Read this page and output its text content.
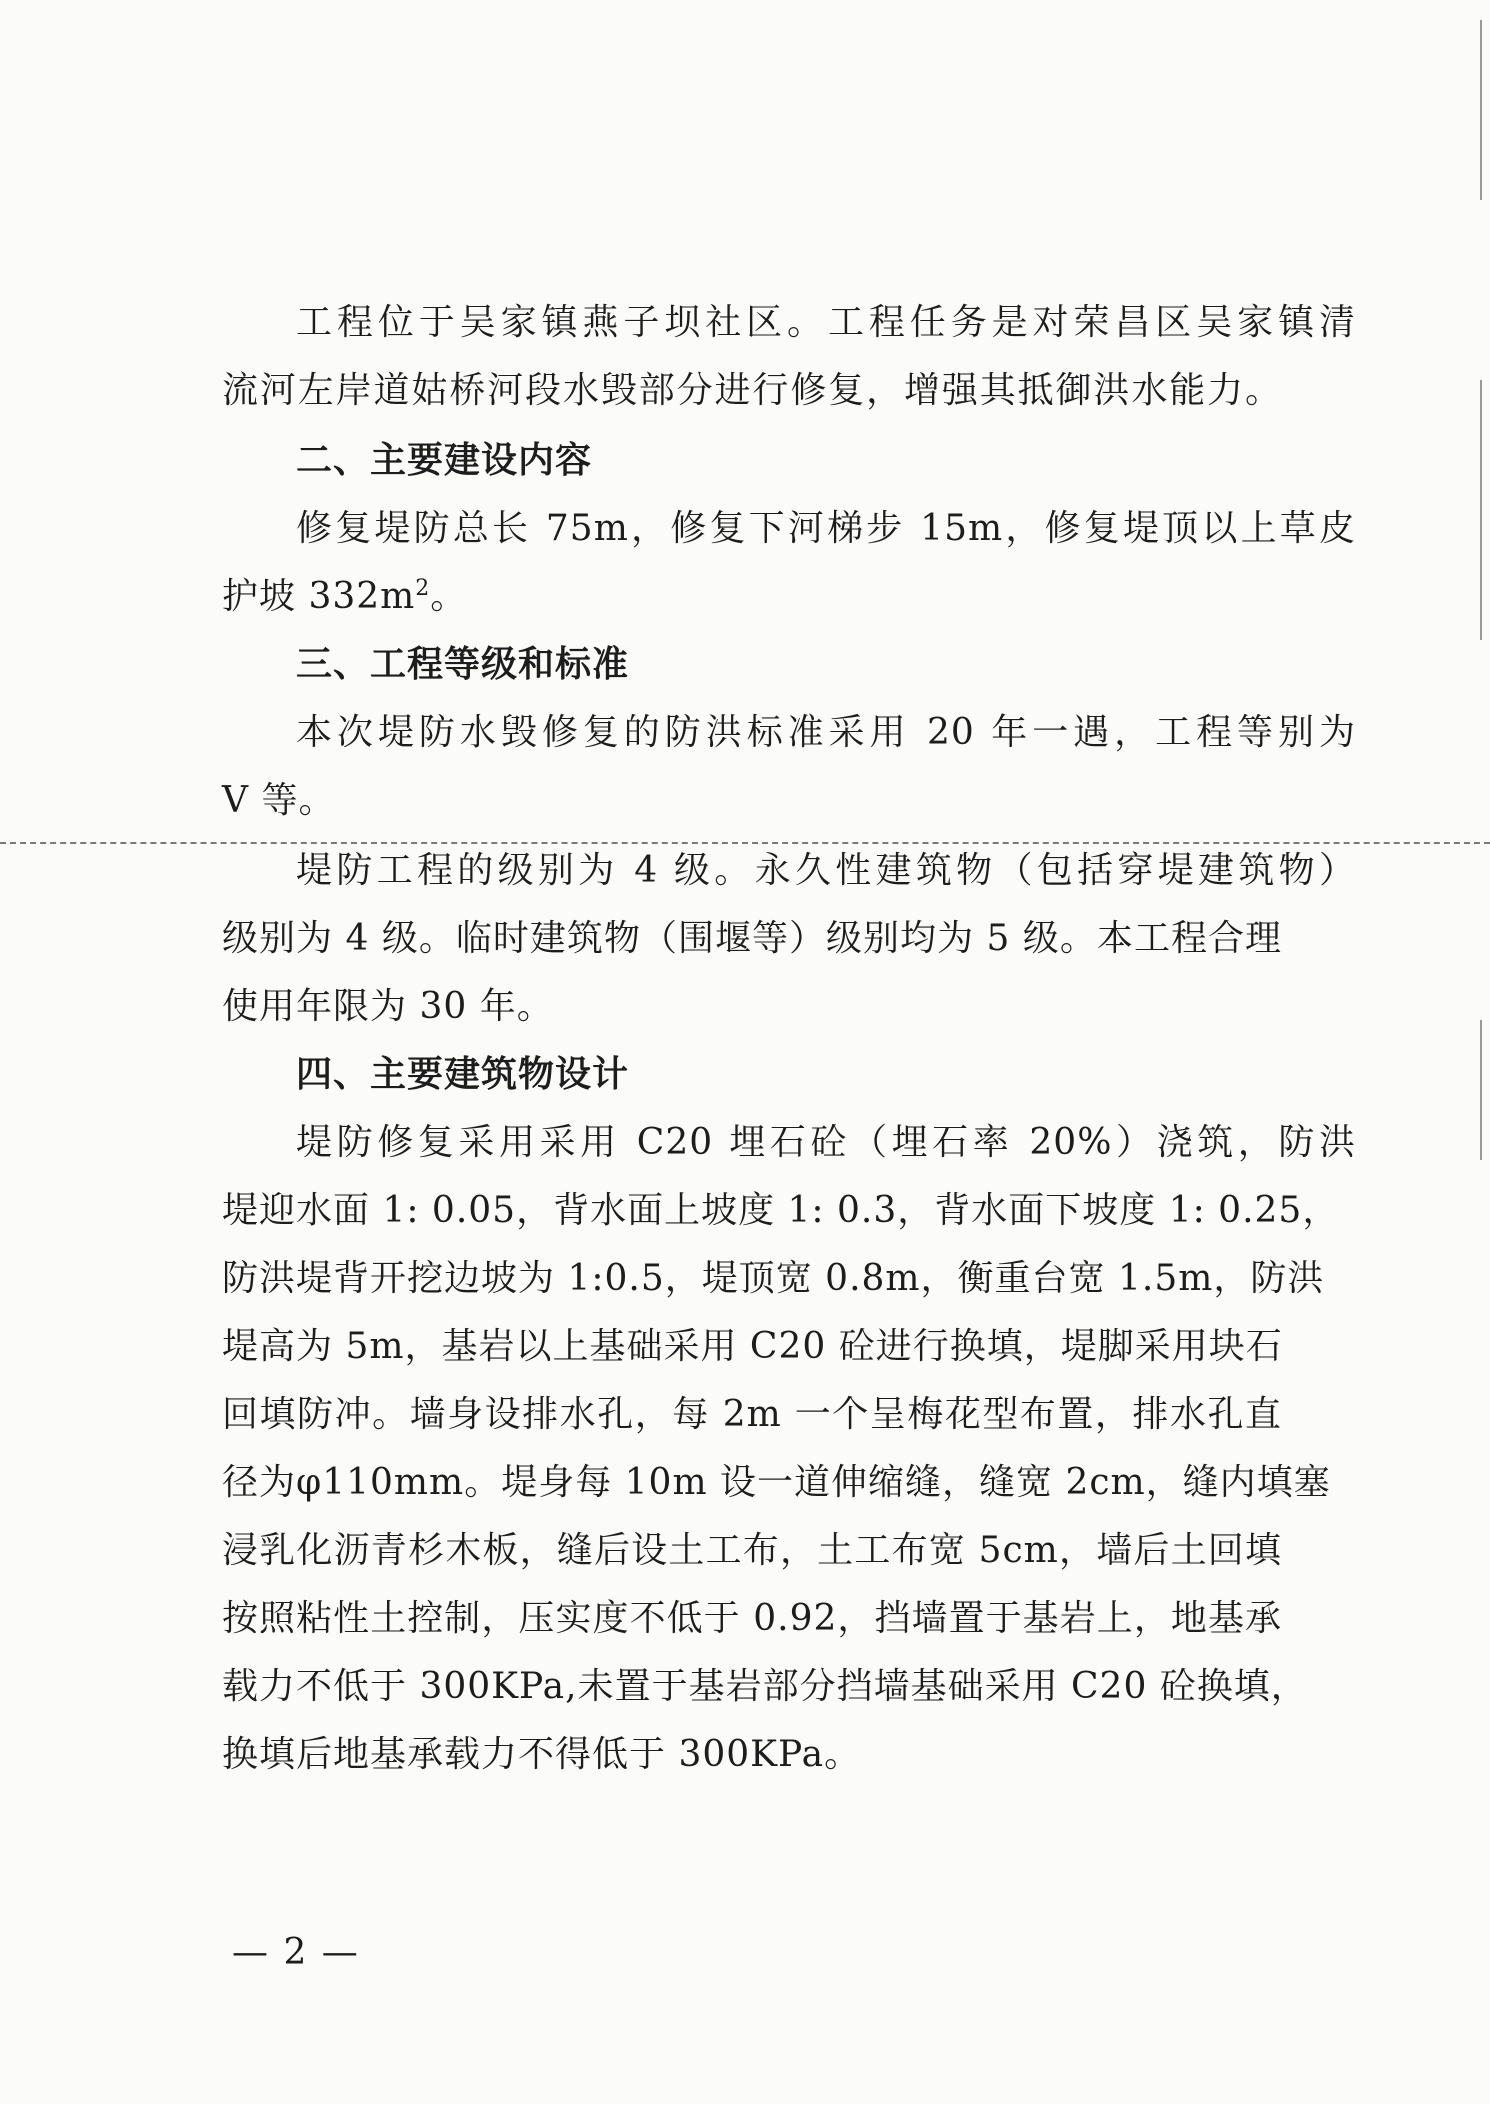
工程位于吴家镇燕子坝社区。工程任务是对荣昌区吴家镇清
流河左岸道姑桥河段水毁部分进行修复，增强其抵御洪水能力。
二、主要建设内容
修复堤防总长 75m，修复下河梯步 15m，修复堤顶以上草皮
护坡 $332m^2$。
三、工程等级和标准
本次堤防水毁修复的防洪标准采用 20 年一遇，工程等别为
V 等。
堤防工程的级别为 4 级。永久性建筑物（包括穿堤建筑物）
级别为 4 级。临时建筑物（围堰等）级别均为 5 级。本工程合理
使用年限为 30 年。
四、主要建筑物设计
堤防修复采用采用 C20 埋石砼（埋石率 20%）浇筑，防洪
堤迎水面 1: 0.05，背水面上坡度 1: 0.3，背水面下坡度 1: 0.25，
防洪堤背开挖边坡为 1:0.5，堤顶宽 0.8m，衡重台宽 1.5m，防洪
堤高为 5m，基岩以上基础采用 C20 砼进行换填，堤脚采用块石
回填防冲。墙身设排水孔，每 2m 一个呈梅花型布置，排水孔直
径为φ110mm。堤身每 10m 设一道伸缩缝，缝宽 2cm，缝内填塞
浸乳化沥青杉木板，缝后设土工布，土工布宽 5cm，墙后土回填
按照粘性土控制，压实度不低于 0.92，挡墙置于基岩上，地基承
载力不低于 300KPa,未置于基岩部分挡墙基础采用 C20 砼换填，
换填后地基承载力不得低于 300KPa。
— 2 —
